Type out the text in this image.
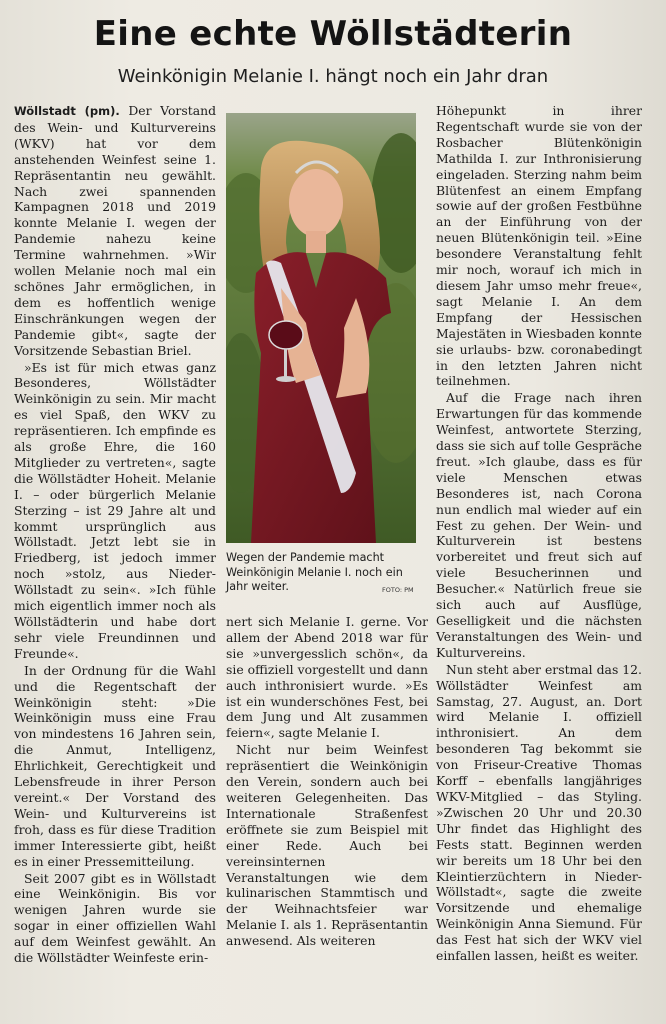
Eine echte Wöllstädterin
Weinkönigin Melanie I. hängt noch ein Jahr dran

Wöllstadt (pm). Der Vorstand des Wein- und Kulturvereins (WKV) hat vor dem anstehenden Weinfest seine 1. Repräsentantin neu gewählt. Nach zwei spannenden Kampagnen 2018 und 2019 konnte Melanie I. wegen der Pandemie nahezu keine Termine wahrnehmen. »Wir wollen Melanie noch mal ein schönes Jahr ermöglichen, in dem es hoffentlich wenige Einschränkungen wegen der Pandemie gibt«, sagte der Vorsitzende Sebastian Briel.

»Es ist für mich etwas ganz Besonderes, Wöllstädter Weinkönigin zu sein. Mir macht es viel Spaß, den WKV zu repräsentieren. Ich empfinde es als große Ehre, die 160 Mitglieder zu vertreten«, sagte die Wöllstädter Hoheit. Melanie I. – oder bürgerlich Melanie Sterzing – ist 29 Jahre alt und kommt ursprünglich aus Wöllstadt. Jetzt lebt sie in Friedberg, ist jedoch immer noch »stolz, aus Nieder-Wöllstadt zu sein«. »Ich fühle mich eigentlich immer noch als Wöllstädterin und habe dort sehr viele Freundinnen und Freunde«.

In der Ordnung für die Wahl und die Regentschaft der Weinkönigin steht: »Die Weinkönigin muss eine Frau von mindestens 16 Jahren sein, die Anmut, Intelligenz, Ehrlichkeit, Gerechtigkeit und Lebensfreude in ihrer Person vereint.« Der Vorstand des Wein- und Kulturvereins ist froh, dass es für diese Tradition immer Interessierte gibt, heißt es in einer Pressemitteilung.

Seit 2007 gibt es in Wöllstadt eine Weinkönigin. Bis vor wenigen Jahren wurde sie sogar in einer offiziellen Wahl auf dem Weinfest gewählt. An die Wöllstädter Weinfeste erin-

Wegen der Pandemie macht Weinkönigin Melanie I. noch ein Jahr weiter.	FOTO: PM

nert sich Melanie I. gerne. Vor allem der Abend 2018 war für sie »unvergesslich schön«, da sie offiziell vorgestellt und dann auch inthronisiert wurde. »Es ist ein wunderschönes Fest, bei dem Jung und Alt zusammen feiern«, sagte Melanie I.

Nicht nur beim Weinfest repräsentiert die Weinkönigin den Verein, sondern auch bei weiteren Gelegenheiten. Das Internationale Straßenfest eröffnete sie zum Beispiel mit einer Rede. Auch bei vereinsinternen Veranstaltungen wie dem kulinarischen Stammtisch und der Weihnachtsfeier war Melanie I. als 1. Repräsentantin anwesend. Als weiteren

Höhepunkt in ihrer Regentschaft wurde sie von der Rosbacher Blütenkönigin Mathilda I. zur Inthronisierung eingeladen. Sterzing nahm beim Blütenfest an einem Empfang sowie auf der großen Festbühne an der Einführung von der neuen Blütenkönigin teil. »Eine besondere Veranstaltung fehlt mir noch, worauf ich mich in diesem Jahr umso mehr freue«, sagt Melanie I. An dem Empfang der Hessischen Majestäten in Wiesbaden konnte sie urlaubs- bzw. coronabedingt in den letzten Jahren nicht teilnehmen.

Auf die Frage nach ihren Erwartungen für das kommende Weinfest, antwortete Sterzing, dass sie sich auf tolle Gespräche freut. »Ich glaube, dass es für viele Menschen etwas Besonderes ist, nach Corona nun endlich mal wieder auf ein Fest zu gehen. Der Wein- und Kulturverein ist bestens vorbereitet und freut sich auf viele Besucherinnen und Besucher.« Natürlich freue sie sich auch auf Ausflüge, Geselligkeit und die nächsten Veranstaltungen des Wein- und Kulturvereins.

Nun steht aber erstmal das 12. Wöllstädter Weinfest am Samstag, 27. August, an. Dort wird Melanie I. offiziell inthronisiert. An dem besonderen Tag bekommt sie von Friseur-Creative Thomas Korff – ebenfalls langjähriges WKV-Mitglied – das Styling. »Zwischen 20 Uhr und 20.30 Uhr findet das Highlight des Fests statt. Beginnen werden wir bereits um 18 Uhr bei den Kleintierzüchtern in Nieder-Wöllstadt«, sagte die zweite Vorsitzende und ehemalige Weinkönigin Anna Siemund. Für das Fest hat sich der WKV viel einfallen lassen, heißt es weiter.
